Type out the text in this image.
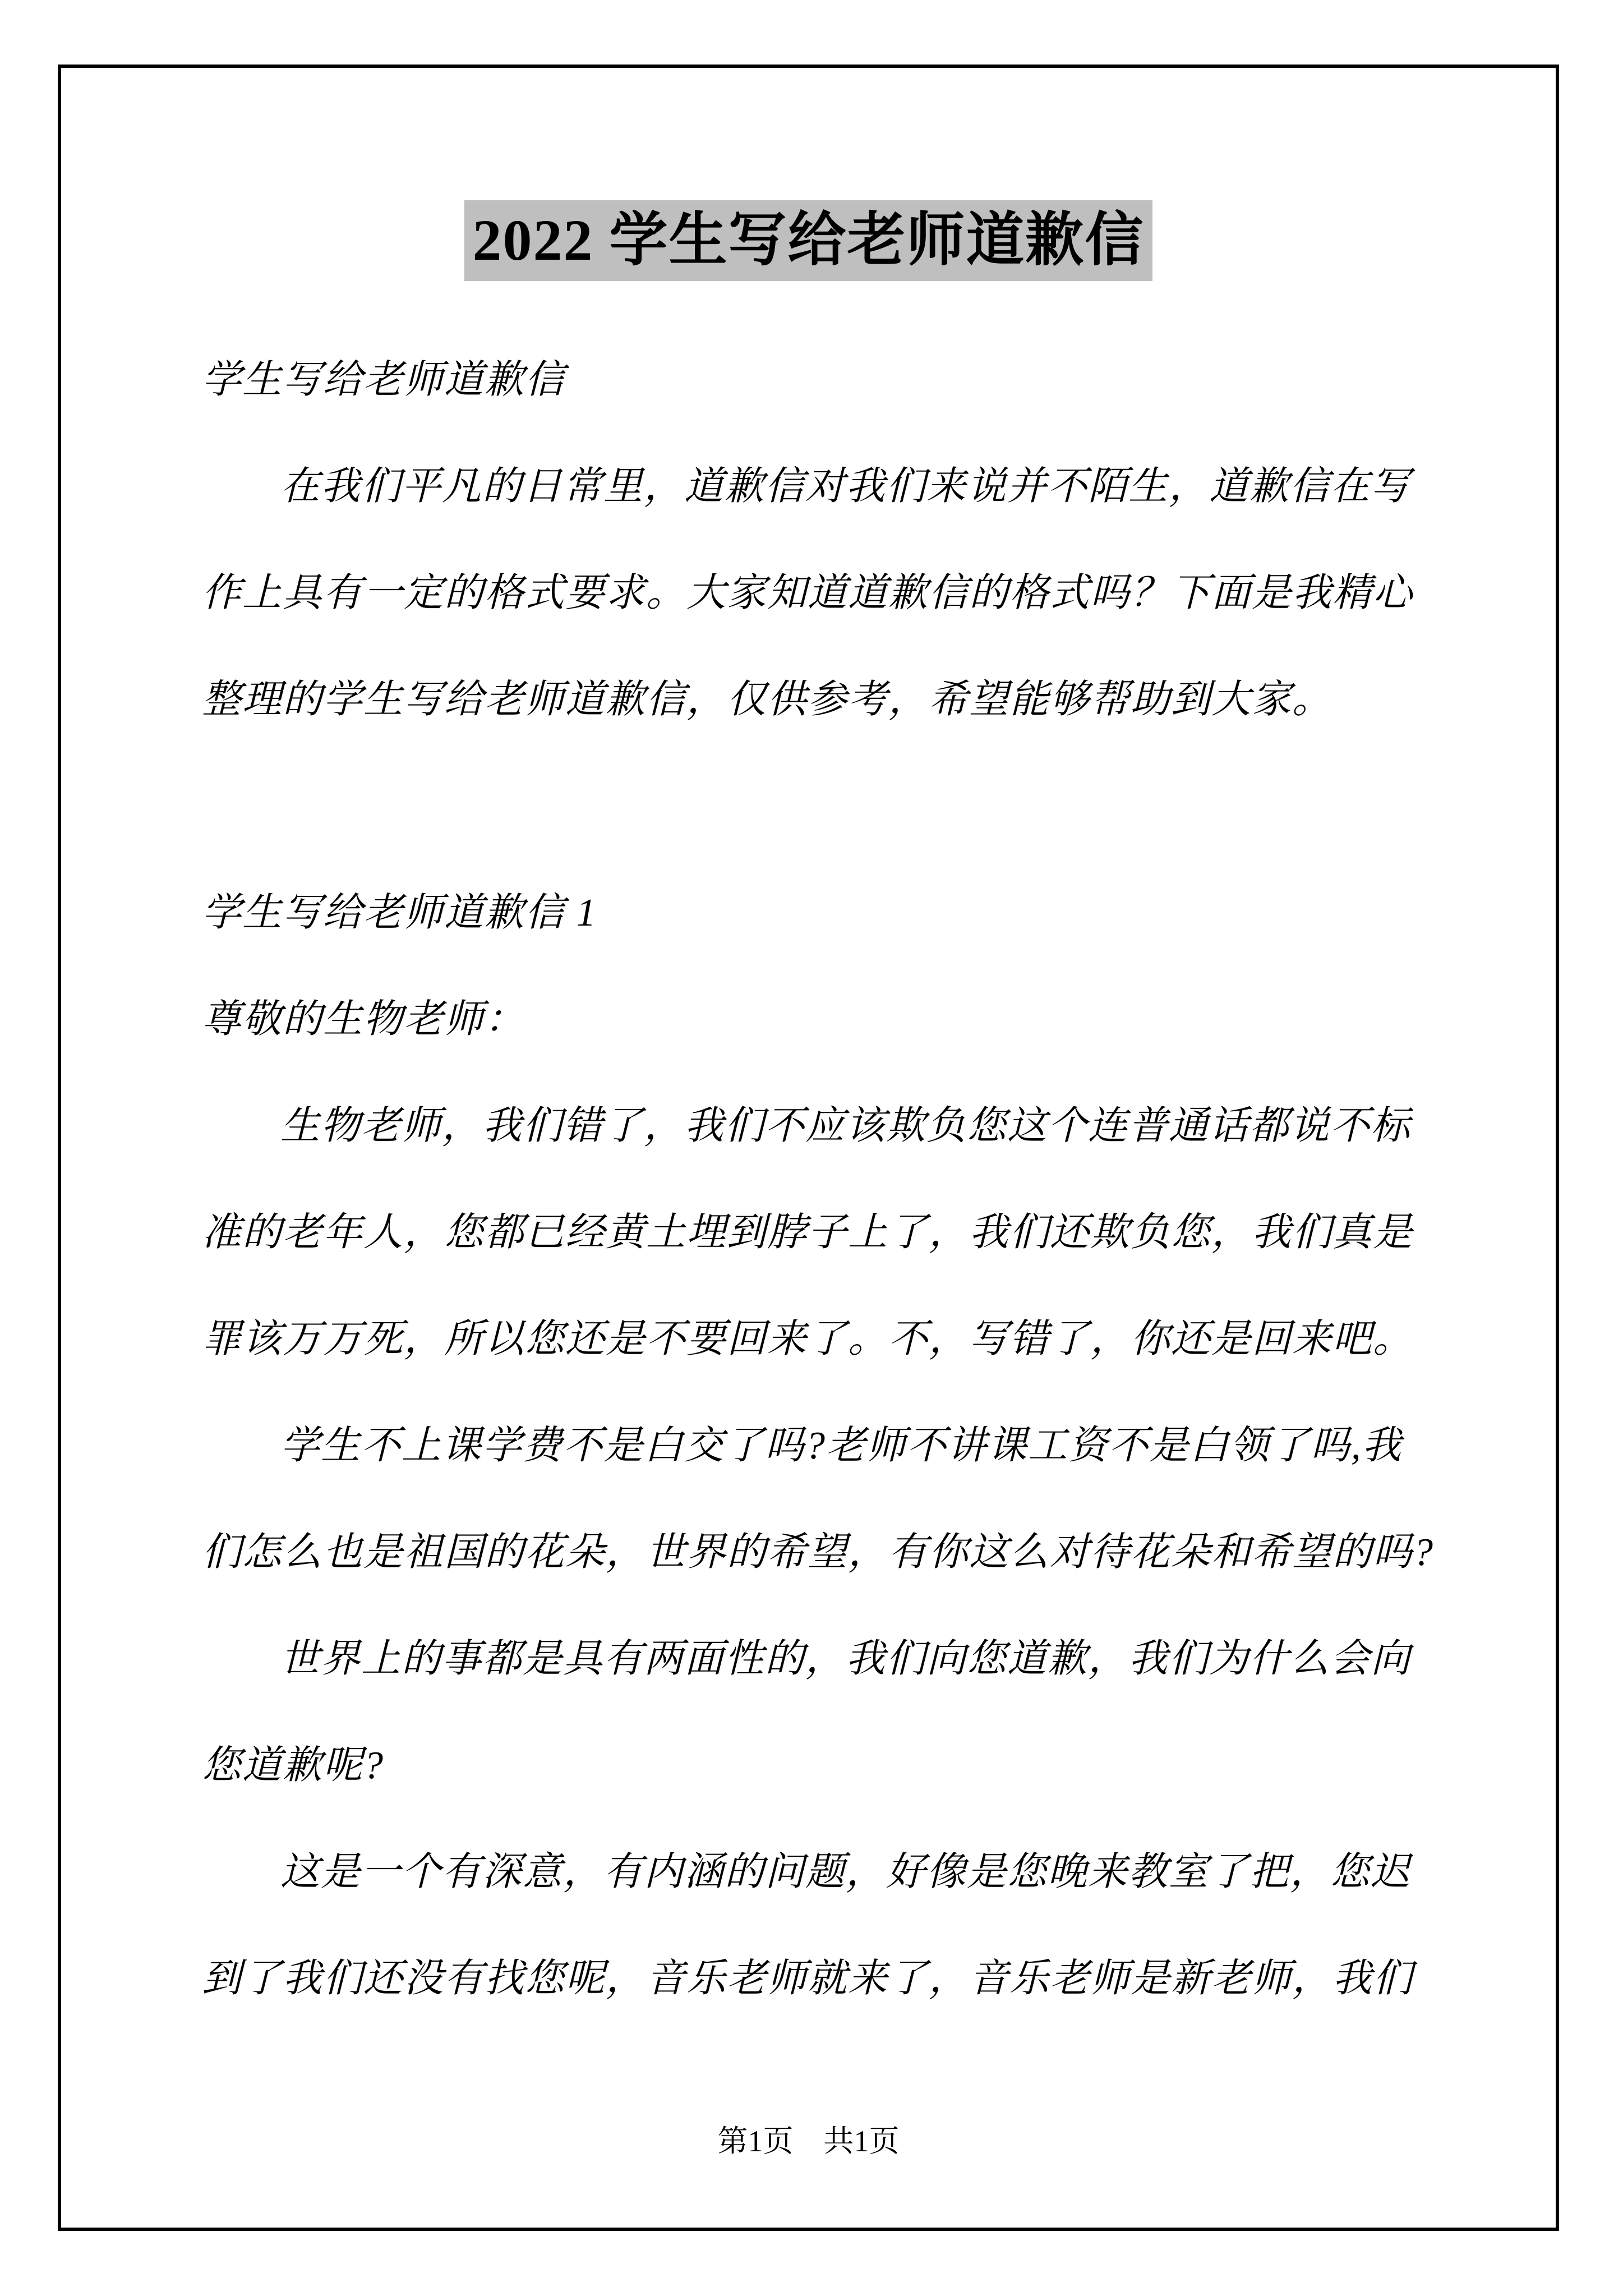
2022 学生写给老师道歉信
学生写给老师道歉信
在我们平凡的日常里，道歉信对我们来说并不陌生，道歉信在写
作上具有一定的格式要求。大家知道道歉信的格式吗？下面是我精心
整理的学生写给老师道歉信，仅供参考，希望能够帮助到大家。
学生写给老师道歉信 1
尊敬的生物老师：
生物老师，我们错了，我们不应该欺负您这个连普通话都说不标
准的老年人，您都已经黄土埋到脖子上了，我们还欺负您，我们真是
罪该万万死，所以您还是不要回来了。不，写错了，你还是回来吧。
学生不上课学费不是白交了吗?老师不讲课工资不是白领了吗,我
们怎么也是祖国的花朵，世界的希望，有你这么对待花朵和希望的吗?
世界上的事都是具有两面性的，我们向您道歉，我们为什么会向
您道歉呢?
这是一个有深意，有内涵的问题，好像是您晚来教室了把，您迟
到了我们还没有找您呢，音乐老师就来了，音乐老师是新老师，我们
第1页 共1页
